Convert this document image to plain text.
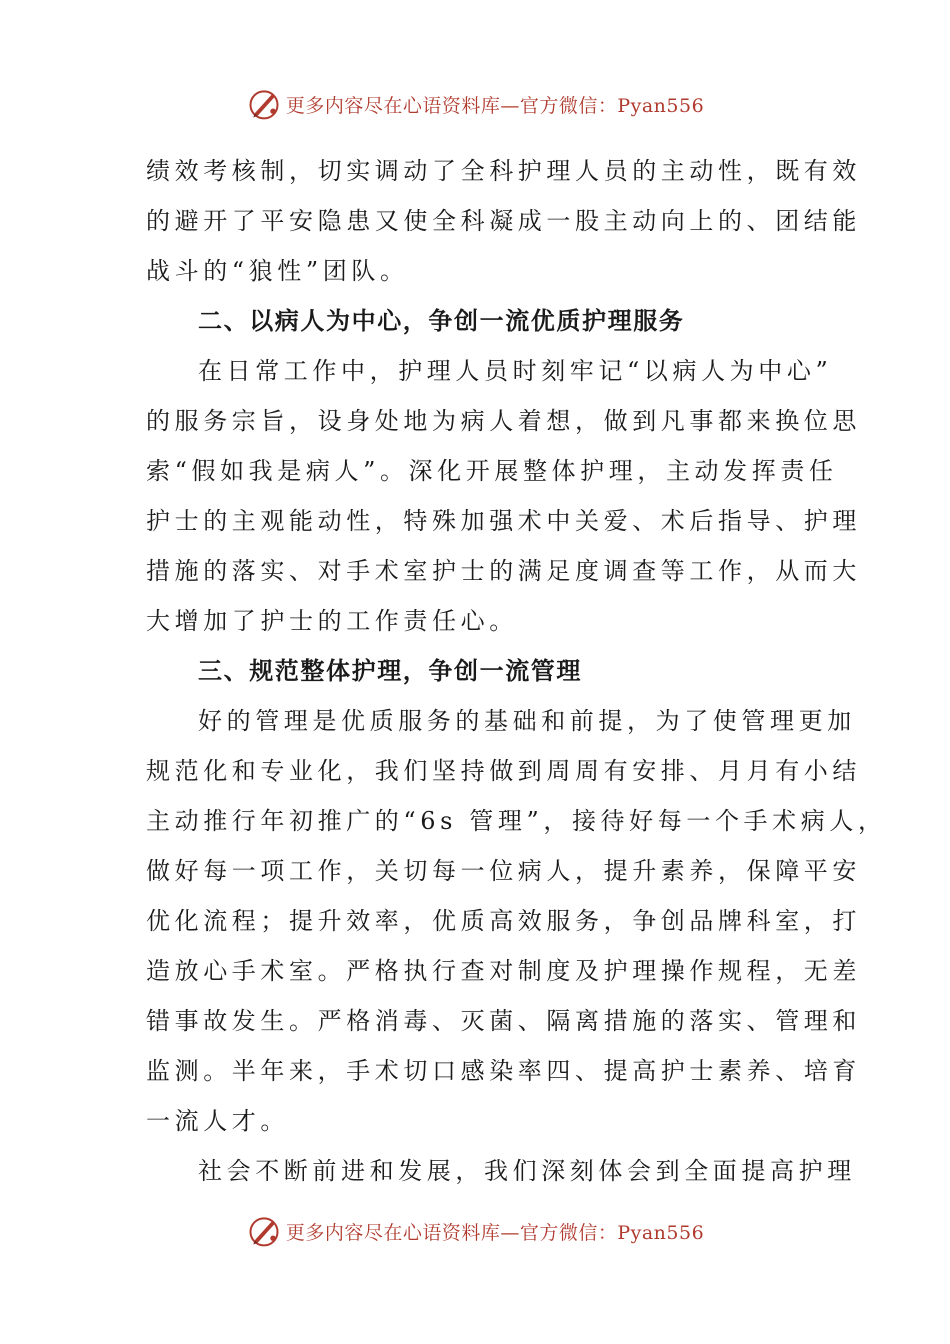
更多内容尽在心语资料库—官方微信：Pyan556
绩效考核制，切实调动了全科护理人员的主动性，既有效
的避开了平安隐患又使全科凝成一股主动向上的、团结能
战斗的“狼性”团队。
二、以病人为中心，争创一流优质护理服务
在日常工作中，护理人员时刻牢记“以病人为中心”
的服务宗旨，设身处地为病人着想，做到凡事都来换位思
索“假如我是病人”。深化开展整体护理，主动发挥责任
护士的主观能动性，特殊加强术中关爱、术后指导、护理
措施的落实、对手术室护士的满足度调查等工作，从而大
大增加了护士的工作责任心。
三、规范整体护理，争创一流管理
好的管理是优质服务的基础和前提，为了使管理更加
规范化和专业化，我们坚持做到周周有安排、月月有小结
主动推行年初推广的“6s 管理”，接待好每一个手术病人，
做好每一项工作，关切每一位病人，提升素养，保障平安
优化流程；提升效率，优质高效服务，争创品牌科室，打
造放心手术室。严格执行查对制度及护理操作规程，无差
错事故发生。严格消毒、灭菌、隔离措施的落实、管理和
监测。半年来，手术切口感染率四、提高护士素养、培育
一流人才。
社会不断前进和发展，我们深刻体会到全面提高护理
更多内容尽在心语资料库—官方微信：Pyan556
